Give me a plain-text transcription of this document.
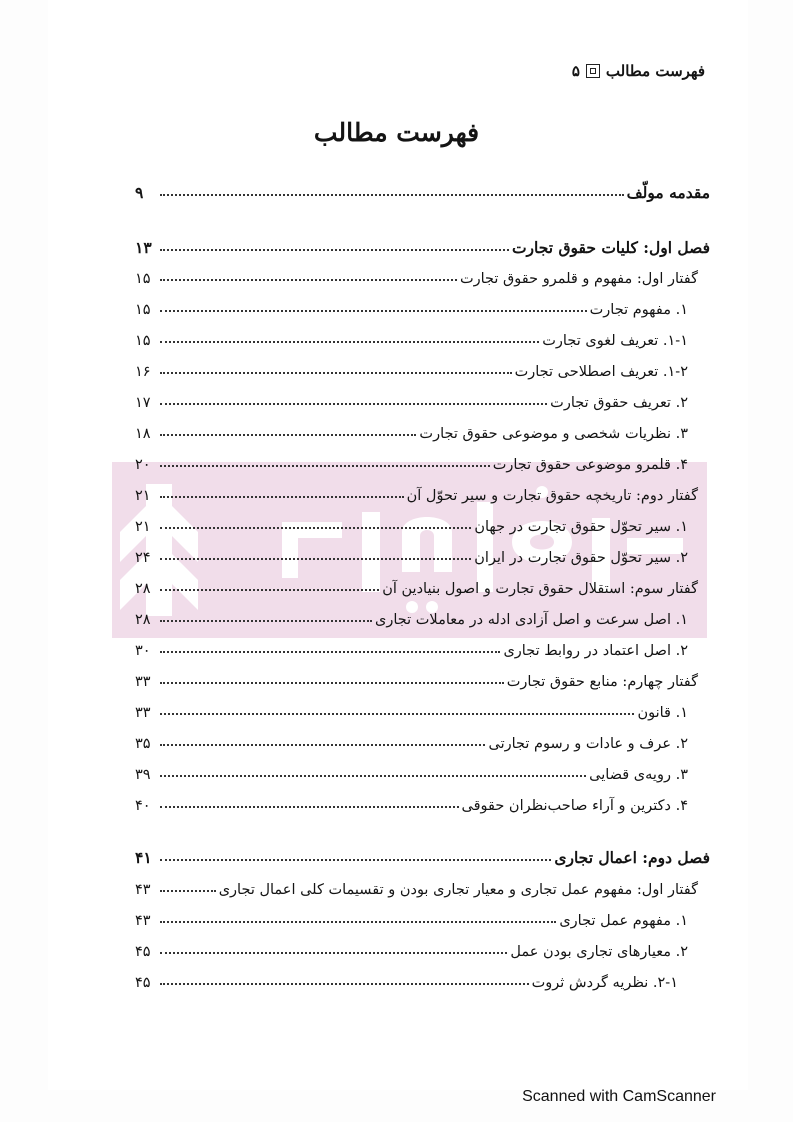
فهرست مطالب
۵
فهرست مطالب
مقدمه مولّف
۹
فصل اول: کلیات حقوق تجارت
۱۳
گفتار اول: مفهوم و قلمرو حقوق تجارت
۱۵
۱. مفهوم تجارت
۱۵
۱-۱. تعریف لغوی تجارت
۱۵
۱-۲. تعریف اصطلاحی تجارت
۱۶
۲. تعریف حقوق تجارت
۱۷
۳. نظریات شخصی و موضوعی حقوق تجارت
۱۸
۴. قلمرو موضوعی حقوق تجارت
۲۰
گفتار دوم: تاریخچه حقوق تجارت و سیر تحوّل آن
۲۱
۱. سیر تحوّل حقوق تجارت در جهان
۲۱
۲. سیر تحوّل حقوق تجارت در ایران
۲۴
گفتار سوم: استقلال حقوق تجارت و اصول بنیادین آن
۲۸
۱. اصل سرعت و اصل آزادی ادله در معاملات تجاری
۲۸
۲. اصل اعتماد در روابط تجاری
۳۰
گفتار چهارم: منابع حقوق تجارت
۳۳
۱. قانون
۳۳
۲. عرف و عادات و رسوم تجارتی
۳۵
۳. رویه‌ی قضایی
۳۹
۴. دکترین و آراء صاحب‌نظران حقوقی
۴۰
فصل دوم: اعمال تجاری
۴۱
گفتار اول: مفهوم عمل تجاری و معیار تجاری بودن و تقسیمات کلی اعمال تجاری
۴۳
۱. مفهوم عمل تجاری
۴۳
۲. معیارهای تجاری بودن عمل
۴۵
۲-۱. نظریه گردش ثروت
۴۵
Scanned with CamScanner
